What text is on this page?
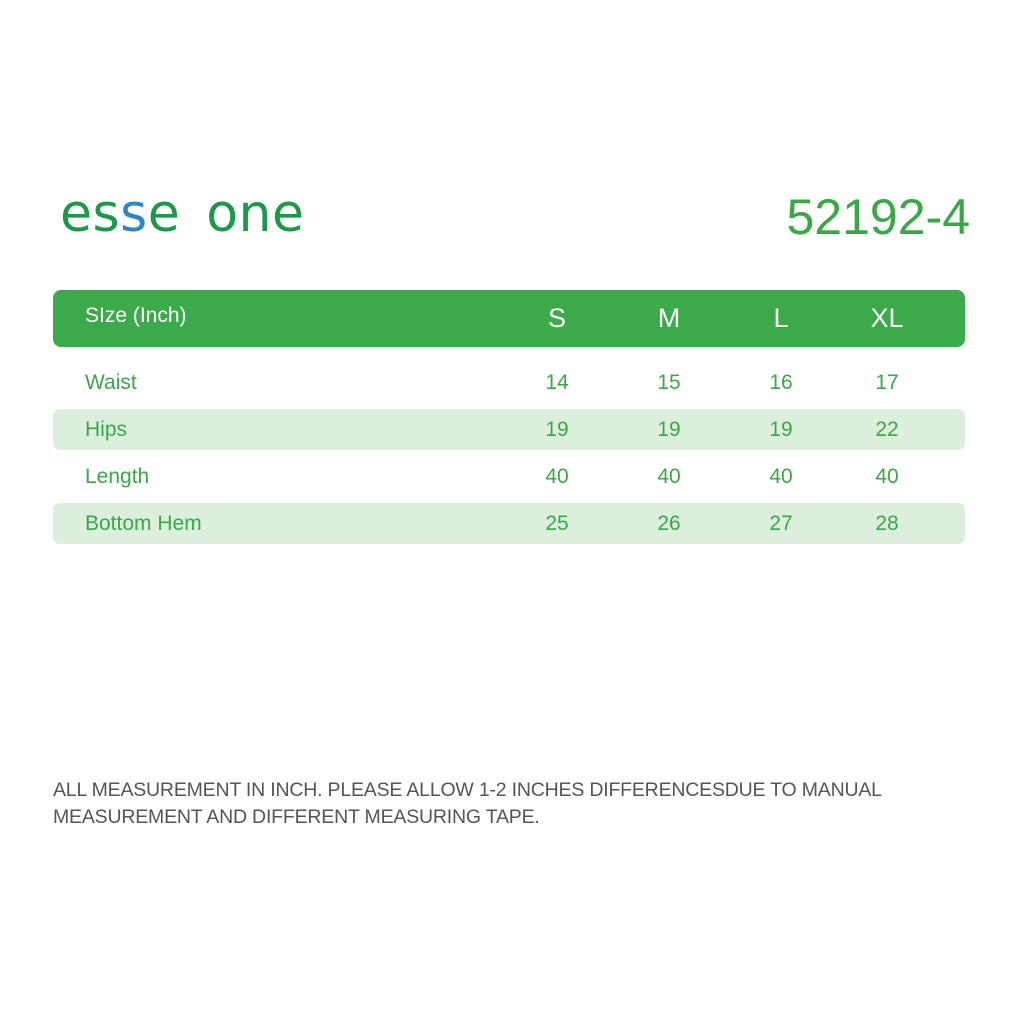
esse one	52192-4
SIze (Inch)	S	M	L	XL
Waist	14	15	16	17
Hips	19	19	19	22
Length	40	40	40	40
Bottom Hem	25	26	27	28
ALL MEASUREMENT IN INCH. PLEASE ALLOW 1-2 INCHES DIFFERENCESDUE TO MANUAL
MEASUREMENT AND DIFFERENT MEASURING TAPE.
